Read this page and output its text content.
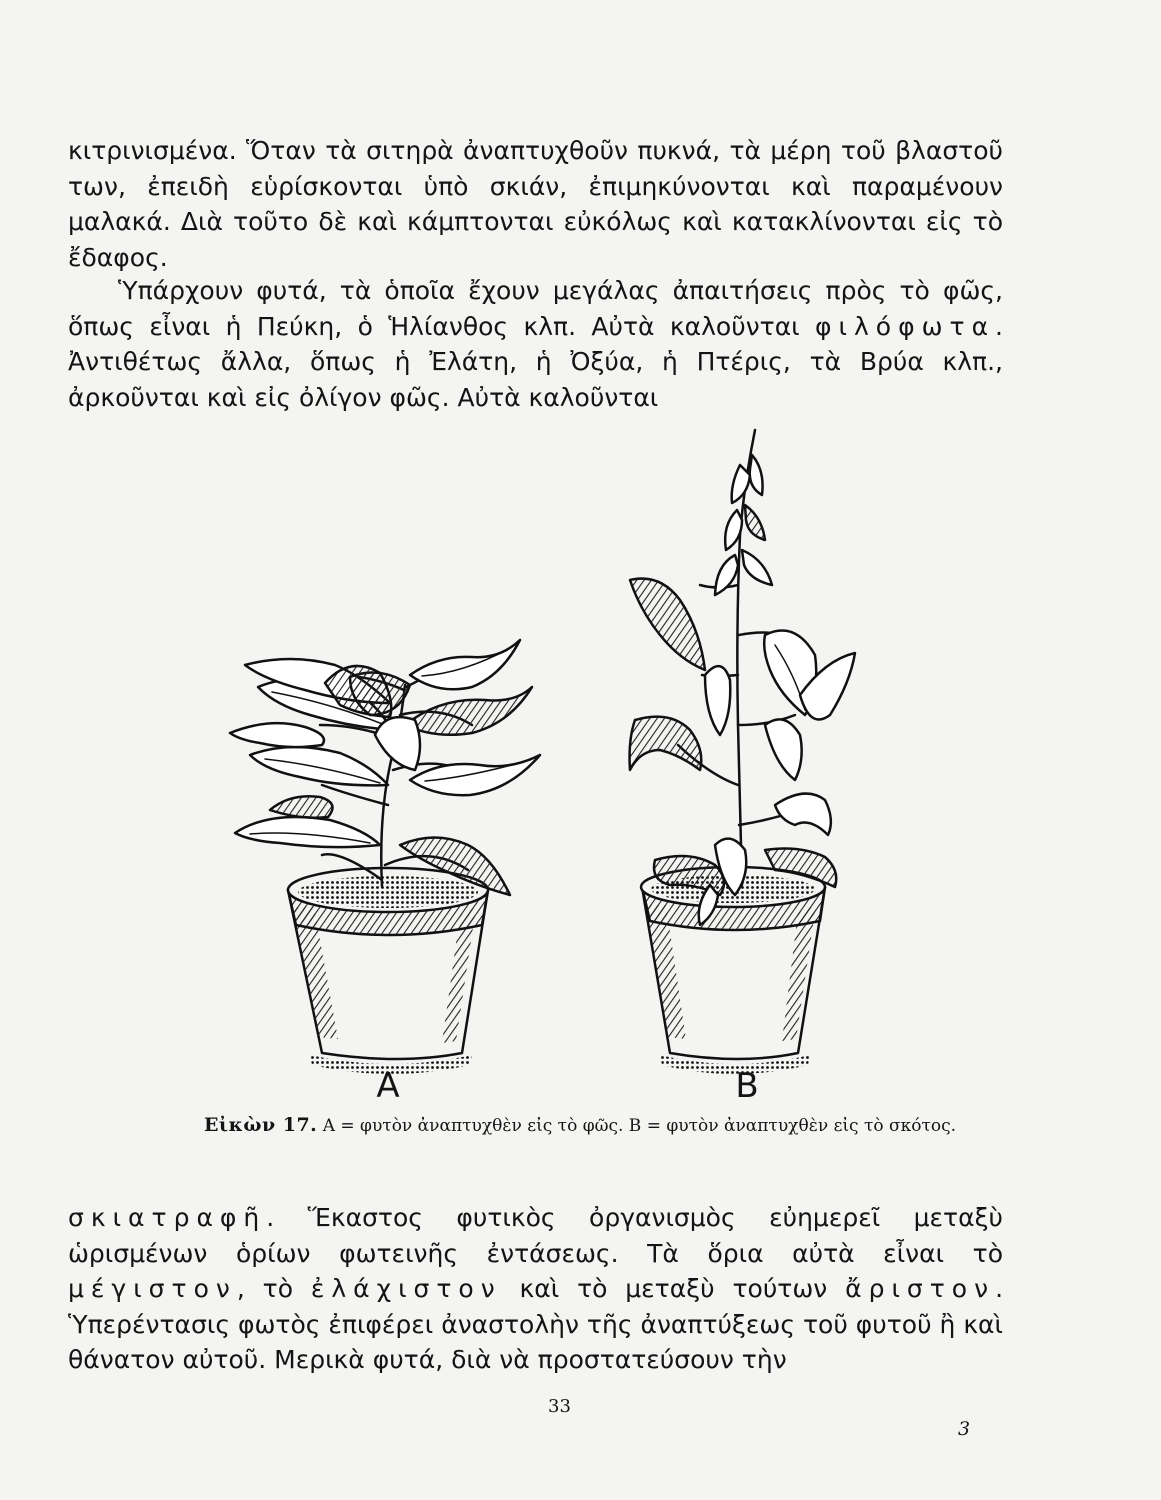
κιτρινισμένα. Ὅταν τὰ σιτηρὰ ἀναπτυχθοῦν πυκνά, τὰ μέρη τοῦ βλαστοῦ των, ἐπειδὴ εὑρίσκονται ὑπὸ σκιάν, ἐπιμηκύνονται καὶ παραμένουν μαλακά. Διὰ τοῦτο δὲ καὶ κάμπτονται εὐκόλως καὶ κατακλίνονται εἰς τὸ ἔδαφος.

Ὑπάρχουν φυτά, τὰ ὁποῖα ἔχουν μεγάλας ἀπαιτήσεις πρὸς τὸ φῶς, ὅπως εἶναι ἡ Πεύκη, ὁ Ἡλίανθος κλπ. Αὐτὰ καλοῦνται φιλόφωτα. Ἀντιθέτως ἄλλα, ὅπως ἡ Ἐλάτη, ἡ Ὀξύα, ἡ Πτέρις, τὰ Βρύα κλπ., ἀρκοῦνται καὶ εἰς ὀλίγον φῶς. Αὐτὰ καλοῦνται

A	B
Εἰκὼν 17. Α = φυτὸν ἀναπτυχθὲν εἰς τὸ φῶς. Β = φυτὸν ἀναπτυχθὲν εἰς τὸ σκότος.

σκιατραφῆ. Ἕκαστος φυτικὸς ὀργανισμὸς εὐημερεῖ μεταξὺ ὡρισμένων ὁρίων φωτεινῆς ἐντάσεως. Τὰ ὅρια αὐτὰ εἶναι τὸ μέγιστον, τὸ ἐλάχιστον καὶ τὸ μεταξὺ τούτων ἄριστον. Ὑπερέντασις φωτὸς ἐπιφέρει ἀναστολὴν τῆς ἀναπτύξεως τοῦ φυτοῦ ἢ καὶ θάνατον αὐτοῦ. Μερικὰ φυτά, διὰ νὰ προστατεύσουν τὴν

33
3
